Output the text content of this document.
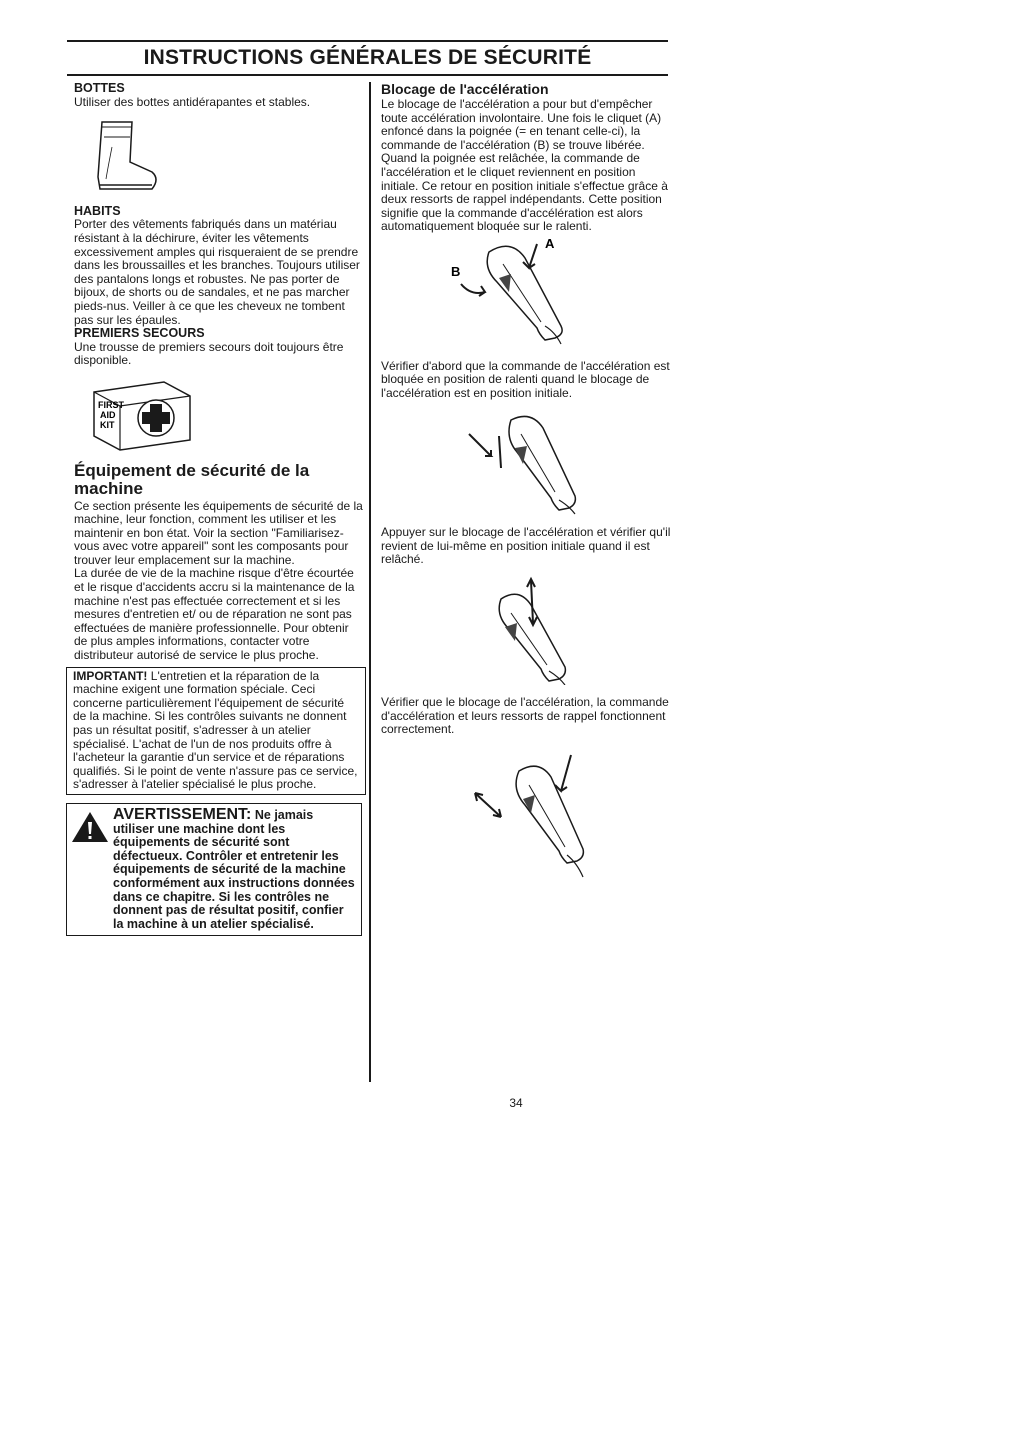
INSTRUCTIONS GÉNÉRALES DE SÉCURITÉ

BOTTES

Utiliser des bottes antidérapantes et stables.

HABITS

Porter des vêtements fabriqués dans un matériau résistant à la déchirure, éviter les vêtements excessivement amples qui risqueraient de se prendre dans les broussailles et les branches. Toujours utiliser des pantalons longs et robustes. Ne pas porter de bijoux, de shorts ou de sandales, et ne pas marcher pieds-nus. Veiller à ce que les cheveux ne tombent pas sur les épaules.

PREMIERS SECOURS

Une trousse de premiers secours doit toujours être disponible.

FIRST
AID
KIT

Équipement de sécurité de la machine

Ce section présente les équipements de sécurité de la machine, leur fonction, comment les utiliser et les maintenir en bon état. Voir la section "Familiarisez-vous avec votre appareil" sont les composants pour trouver leur emplacement sur la machine.

La durée de vie de la machine risque d'être écourtée et le risque d'accidents accru si la maintenance de la machine n'est pas effectuée correctement et si les mesures d'entretien et/ ou de réparation ne sont pas effectuées de manière professionnelle. Pour obtenir de plus amples informations, contacter votre distributeur autorisé de service le plus proche.

IMPORTANT! L'entretien et la réparation de la machine exigent une formation spéciale. Ceci concerne particulièrement l'équipement de sécurité de la machine. Si les contrôles suivants ne donnent pas un résultat positif, s'adresser à un atelier spécialisé. L'achat de l'un de nos produits offre à l'acheteur la garantie d'un service et de réparations qualifiés. Si le point de vente n'assure pas ce service, s'adresser à l'atelier spécialisé le plus proche.
AVERTISSEMENT: Ne jamais utiliser une machine dont les équipements de sécurité sont défectueux. Contrôler et entretenir les équipements de sécurité de la machine conformément aux instructions données dans ce chapitre. Si les contrôles ne donnent pas de résultat positif, confier la machine à un atelier spécialisé.

Blocage de l'accélération

Le blocage de l'accélération a pour but d'empêcher toute accélération involontaire. Une fois le cliquet (A) enfoncé dans la poignée (= en tenant celle-ci), la commande de l'accélération (B) se trouve libérée. Quand la poignée est relâchée, la commande de l'accélération et le cliquet reviennent en position initiale. Ce retour en position initiale s'effectue grâce à deux ressorts de rappel indépendants. Cette position signifie que la commande d'accélération est alors automatiquement bloquée sur le ralenti.

A
B

Vérifier d'abord que la commande de l'accélération est bloquée en position de ralenti quand le blocage de l'accélération est en position initiale.

Appuyer sur le blocage de l'accélération et vérifier qu'il revient de lui-même en position initiale quand il est relâché.

Vérifier que le blocage de l'accélération, la commande d'accélération et leurs ressorts de rappel fonctionnent correctement.

34
